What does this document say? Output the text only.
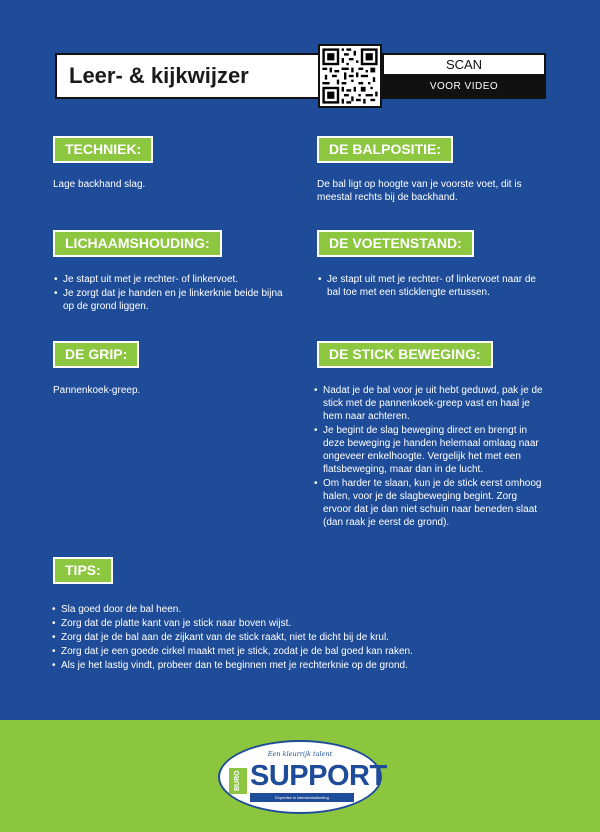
Leer- & kijkwijzer	SCAN
VOOR VIDEO
TECHNIEK:
Lage backhand slag.
DE BALPOSITIE:
De bal ligt op hoogte van je voorste voet, dit is meestal rechts bij de backhand.
LICHAAMSHOUDING:
• Je stapt uit met je rechter- of linkervoet.
• Je zorgt dat je handen en je linkerknie beide bijna op de grond liggen.
DE VOETENSTAND:
• Je stapt uit met je rechter- of linkervoet naar de bal toe met een sticklengte ertussen.
DE GRIP:
Pannenkoek-greep.
DE STICK BEWEGING:
• Nadat je de bal voor je uit hebt geduwd, pak je de stick met de pannenkoek-greep vast en haal je hem naar achteren.
• Je begint de slag beweging direct en brengt in deze beweging je handen helemaal omlaag naar ongeveer enkelhoogte. Vergelijk het met een flatsbeweging, maar dan in de lucht.
• Om harder te slaan, kun je de stick eerst omhoog halen, voor je de slagbeweging begint. Zorg ervoor dat je dan niet schuin naar beneden slaat (dan raak je eerst de grond).
TIPS:
• Sla goed door de bal heen.
• Zorg dat de platte kant van je stick naar boven wijst.
• Zorg dat je de bal aan de zijkant van de stick raakt, niet te dicht bij de krul.
• Zorg dat je een goede cirkel maakt met je stick, zodat je de bal goed kan raken.
• Als je het lastig vindt, probeer dan te beginnen met je rechterknie op de grond.
Een kleurrijk talent
BURO SUPPORT
Expertise in talentontwikkeling
